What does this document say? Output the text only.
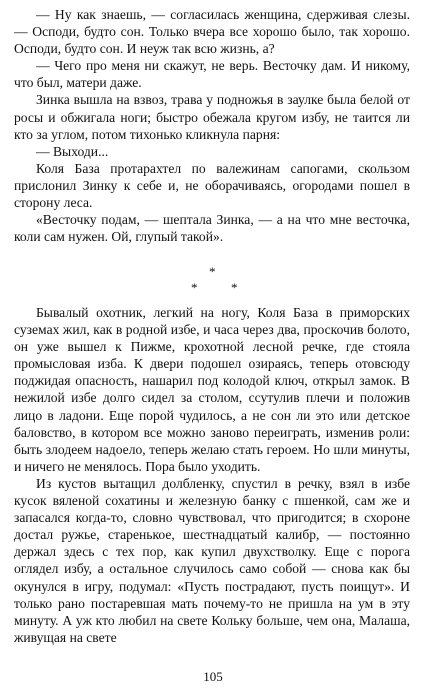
— Ну как знаешь, — согласилась женщина, сдерживая слезы. — Осподи, будто сон. Только вчера все хорошо было, так хорошо. Осподи, будто сон. И неуж так всю жизнь, а?

— Чего про меня ни скажут, не верь. Весточку дам. И никому, что был, матери даже.

Зинка вышла на взвоз, трава у подножья в заулке была белой от росы и обжигала ноги; быстро обежала кругом избу, не таится ли кто за углом, потом тихонько кликнула парня:

— Выходи...

Коля База протарахтел по валежинам сапогами, скользом прислонил Зинку к себе и, не оборачиваясь, огородами пошел в сторону леса.

«Весточку подам, — шептала Зинка, — а на что мне весточка, коли сам нужен. Ой, глупый такой».

*
*	*

Бывалый охотник, легкий на ногу, Коля База в приморских суземах жил, как в родной избе, и часа через два, проскочив болото, он уже вышел к Пижме, крохотной лесной речке, где стояла промысловая изба. К двери подошел озираясь, теперь отовсюду поджидая опасность, нашарил под колодой ключ, открыл замок. В нежилой избе долго сидел за столом, ссутулив плечи и положив лицо в ладони. Еще порой чудилось, а не сон ли это или детское баловство, в котором все можно заново переиграть, изменив роли: быть злодеем надоело, теперь желаю стать героем. Но шли минуты, и ничего не менялось. Пора было уходить.

Из кустов вытащил долбленку, спустил в речку, взял в избе кусок вяленой сохатины и железную банку с пшенкой, сам же и запасался когда-то, словно чувствовал, что пригодится; в схороне достал ружье, старенькое, шестнадцатый калибр, — постоянно держал здесь с тех пор, как купил двухстволку. Еще с порога оглядел избу, а остальное случилось само собой — снова как бы окунулся в игру, подумал: «Пусть пострадают, пусть поищут». И только рано постаревшая мать почему-то не пришла на ум в эту минуту. А уж кто любил на свете Кольку больше, чем она, Малаша, живущая на свете

105
